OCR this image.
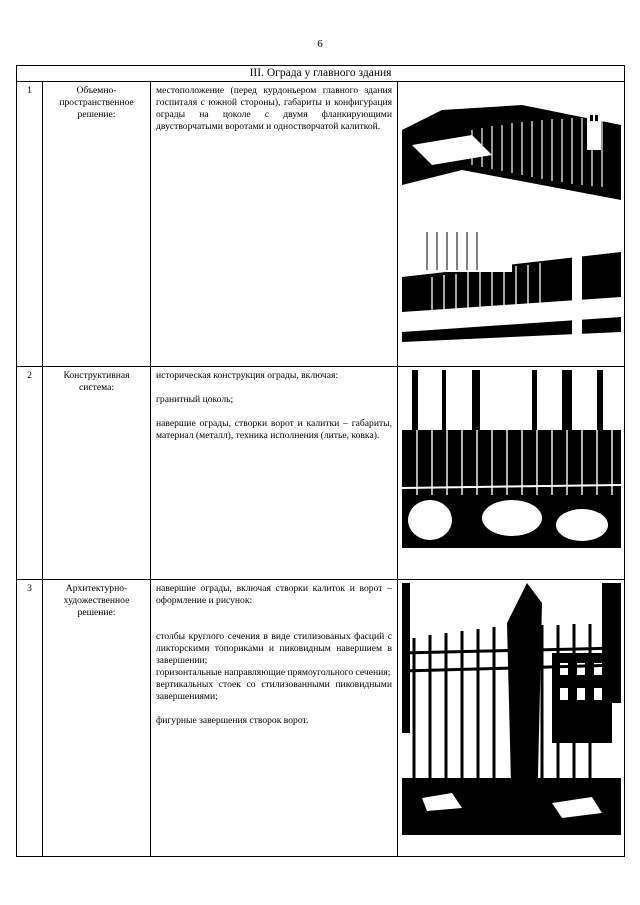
6
III. Ограда у главного здания			
1	Объемно-пространственное решение:	местоположение (перед курдоньером главного здания госпиталя с южной стороны), габариты и конфигурация ограды на цоколе с двумя фланкирующими двустворчатыми воротами и одностворчатой калиткой.

2	Конструктивная система:	историческая конструкция ограды, включая:

гранитный цоколь;

навершие ограды, створки ворот и калитки – габариты, материал (металл), техника исполнения (литье, ковка).

3	Архитектурно-художественное решение:	навершие ограды, включая створки калиток и ворот – оформление и рисунок:

столбы круглого сечения в виде стилизованых фасций с ликторскими топориками и пиковидным навершием в завершении;

горизонтальные направляющие прямоугольного сечения;

вертикальных стоек со стилизованными пиковидными завершениями;

фигурные завершения створок ворот.
